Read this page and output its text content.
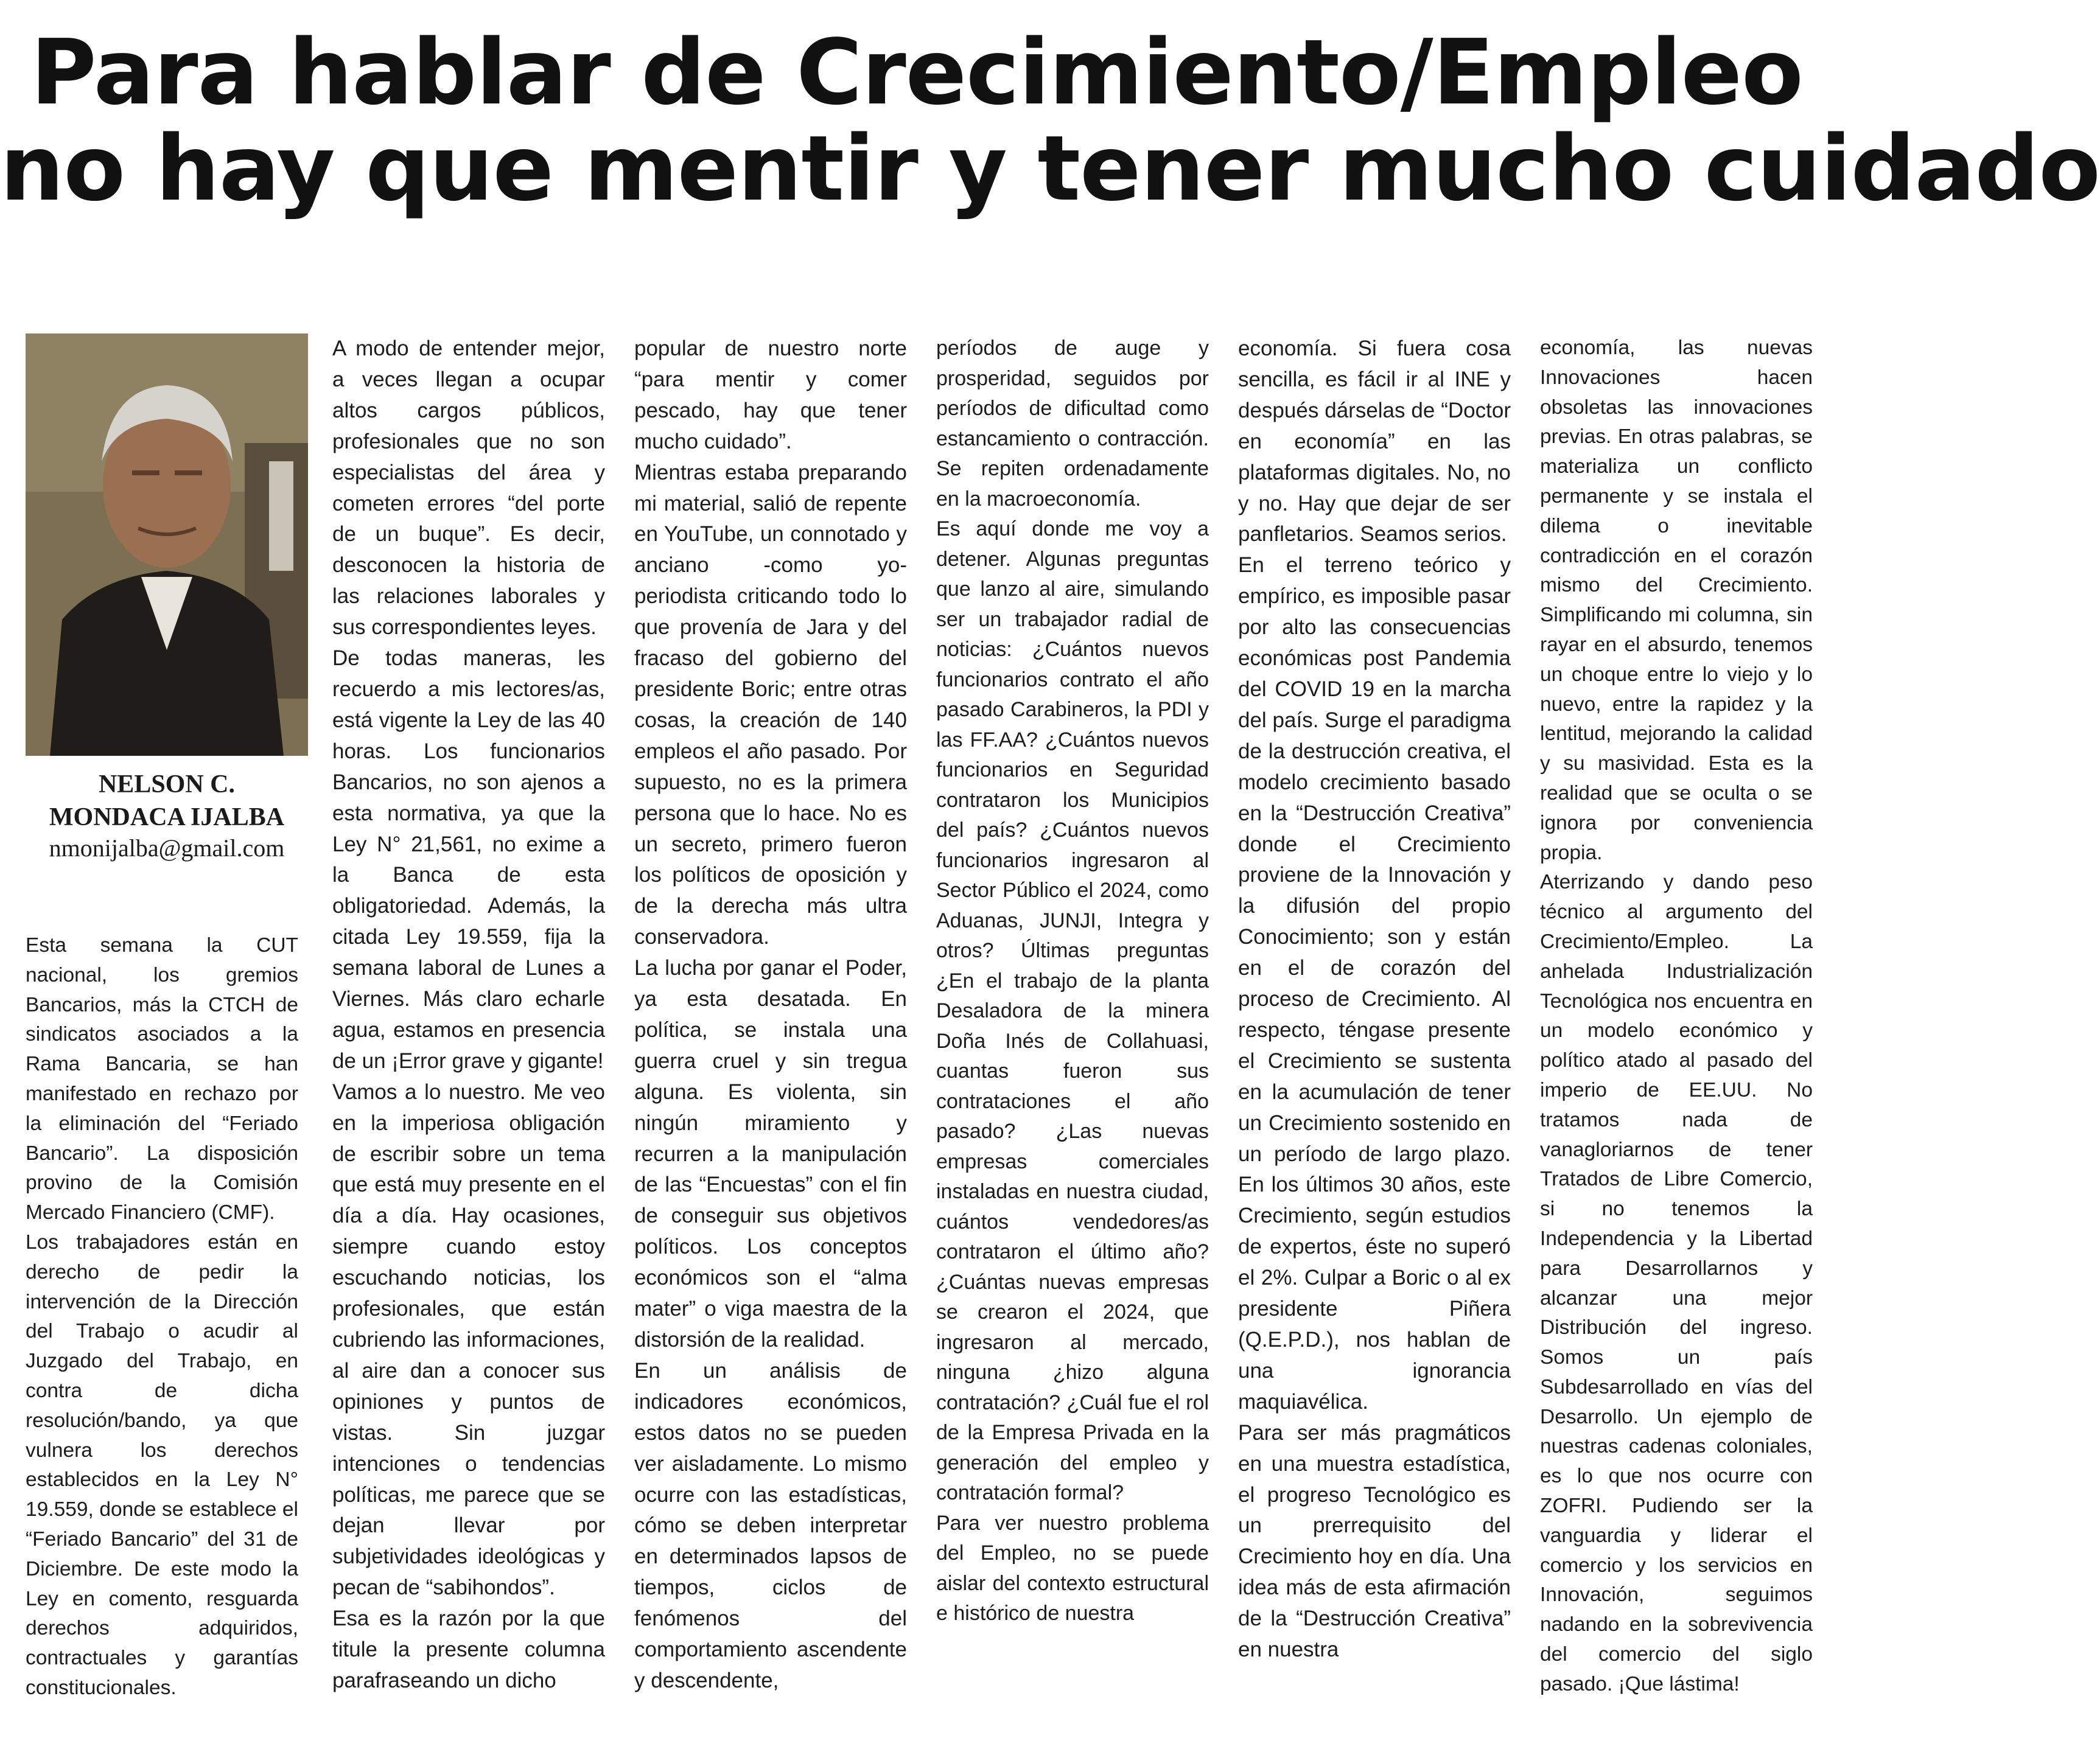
Para hablar de Crecimiento/Empleo
no hay que mentir y tener mucho cuidado
NELSON C.
MONDACA IJALBA
nmonijalba@gmail.com

Esta semana la CUT nacional, los gremios Bancarios, más la CTCH de sindicatos asociados a la Rama Bancaria, se han manifestado en rechazo por la eliminación del “Feriado Bancario”. La disposición provino de la Comisión Mercado Financiero (CMF).

Los trabajadores están en derecho de pedir la intervención de la Dirección del Trabajo o acudir al Juzgado del Trabajo, en contra de dicha resolución/bando, ya que vulnera los derechos establecidos en la Ley N° 19.559, donde se establece el “Feriado Bancario” del 31 de Diciembre. De este modo la Ley en comento, resguarda derechos adquiridos, contractuales y garantías constitucionales.

A modo de entender mejor, a veces llegan a ocupar altos cargos públicos, profesionales que no son especialistas del área y cometen errores “del porte de un buque”. Es decir, desconocen la historia de las relaciones laborales y sus correspondientes leyes.

De todas maneras, les recuerdo a mis lectores/as, está vigente la Ley de las 40 horas. Los funcionarios Bancarios, no son ajenos a esta normativa, ya que la Ley N° 21,561, no exime a la Banca de esta obligatoriedad. Además, la citada Ley 19.559, fija la semana laboral de Lunes a Viernes. Más claro echarle agua, estamos en presencia de un ¡Error grave y gigante!

Vamos a lo nuestro. Me veo en la imperiosa obligación de escribir sobre un tema que está muy presente en el día a día. Hay ocasiones, siempre cuando estoy escuchando noticias, los profesionales, que están cubriendo las informaciones, al aire dan a conocer sus opiniones y puntos de vistas. Sin juzgar intenciones o tendencias políticas, me parece que se dejan llevar por subjetividades ideológicas y pecan de “sabihondos”.

Esa es la razón por la que titule la presente columna parafraseando un dicho

popular de nuestro norte “para mentir y comer pescado, hay que tener mucho cuidado”.

Mientras estaba preparando mi material, salió de repente en YouTube, un connotado y anciano -como yo- periodista criticando todo lo que provenía de Jara y del fracaso del gobierno del presidente Boric; entre otras cosas, la creación de 140 empleos el año pasado. Por supuesto, no es la primera persona que lo hace. No es un secreto, primero fueron los políticos de oposición y de la derecha más ultra conservadora.

La lucha por ganar el Poder, ya esta desatada. En política, se instala una guerra cruel y sin tregua alguna. Es violenta, sin ningún miramiento y recurren a la manipulación de las “Encuestas” con el fin de conseguir sus objetivos políticos. Los conceptos económicos son el “alma mater” o viga maestra de la distorsión de la realidad.

En un análisis de indicadores económicos, estos datos no se pueden ver aisladamente. Lo mismo ocurre con las estadísticas, cómo se deben interpretar en determinados lapsos de tiempos, ciclos de fenómenos del comportamiento ascendente y descendente,

períodos de auge y prosperidad, seguidos por períodos de dificultad como estancamiento o contracción. Se repiten ordenadamente en la macroeconomía.

Es aquí donde me voy a detener. Algunas preguntas que lanzo al aire, simulando ser un trabajador radial de noticias: ¿Cuántos nuevos funcionarios contrato el año pasado Carabineros, la PDI y las FF.AA? ¿Cuántos nuevos funcionarios en Seguridad contrataron los Municipios del país? ¿Cuántos nuevos funcionarios ingresaron al Sector Público el 2024, como Aduanas, JUNJI, Integra y otros? Últimas preguntas ¿En el trabajo de la planta Desaladora de la minera Doña Inés de Collahuasi, cuantas fueron sus contrataciones el año pasado? ¿Las nuevas empresas comerciales instaladas en nuestra ciudad, cuántos vendedores/as contrataron el último año? ¿Cuántas nuevas empresas se crearon el 2024, que ingresaron al mercado, ninguna ¿hizo alguna contratación? ¿Cuál fue el rol de la Empresa Privada en la generación del empleo y contratación formal?

Para ver nuestro problema del Empleo, no se puede aislar del contexto estructural e histórico de nuestra

economía. Si fuera cosa sencilla, es fácil ir al INE y después dárselas de “Doctor en economía” en las plataformas digitales. No, no y no. Hay que dejar de ser panfletarios. Seamos serios.

En el terreno teórico y empírico, es imposible pasar por alto las consecuencias económicas post Pandemia del COVID 19 en la marcha del país. Surge el paradigma de la destrucción creativa, el modelo crecimiento basado en la “Destrucción Creativa” donde el Crecimiento proviene de la Innovación y la difusión del propio Conocimiento; son y están en el de corazón del proceso de Crecimiento. Al respecto, téngase presente el Crecimiento se sustenta en la acumulación de tener un Crecimiento sostenido en un período de largo plazo. En los últimos 30 años, este Crecimiento, según estudios de expertos, éste no superó el 2%. Culpar a Boric o al ex presidente Piñera (Q.E.P.D.), nos hablan de una ignorancia maquiavélica.

Para ser más pragmáticos en una muestra estadística, el progreso Tecnológico es un prerrequisito del Crecimiento hoy en día. Una idea más de esta afirmación de la “Destrucción Creativa” en nuestra

economía, las nuevas Innovaciones hacen obsoletas las innovaciones previas. En otras palabras, se materializa un conflicto permanente y se instala el dilema o inevitable contradicción en el corazón mismo del Crecimiento. Simplificando mi columna, sin rayar en el absurdo, tenemos un choque entre lo viejo y lo nuevo, entre la rapidez y la lentitud, mejorando la calidad y su masividad. Esta es la realidad que se oculta o se ignora por conveniencia propia.

Aterrizando y dando peso técnico al argumento del Crecimiento/Empleo. La anhelada Industrialización Tecnológica nos encuentra en un modelo económico y político atado al pasado del imperio de EE.UU. No tratamos nada de vanagloriarnos de tener Tratados de Libre Comercio, si no tenemos la Independencia y la Libertad para Desarrollarnos y alcanzar una mejor Distribución del ingreso. Somos un país Subdesarrollado en vías del Desarrollo. Un ejemplo de nuestras cadenas coloniales, es lo que nos ocurre con ZOFRI. Pudiendo ser la vanguardia y liderar el comercio y los servicios en Innovación, seguimos nadando en la sobrevivencia del comercio del siglo pasado. ¡Que lástima!
